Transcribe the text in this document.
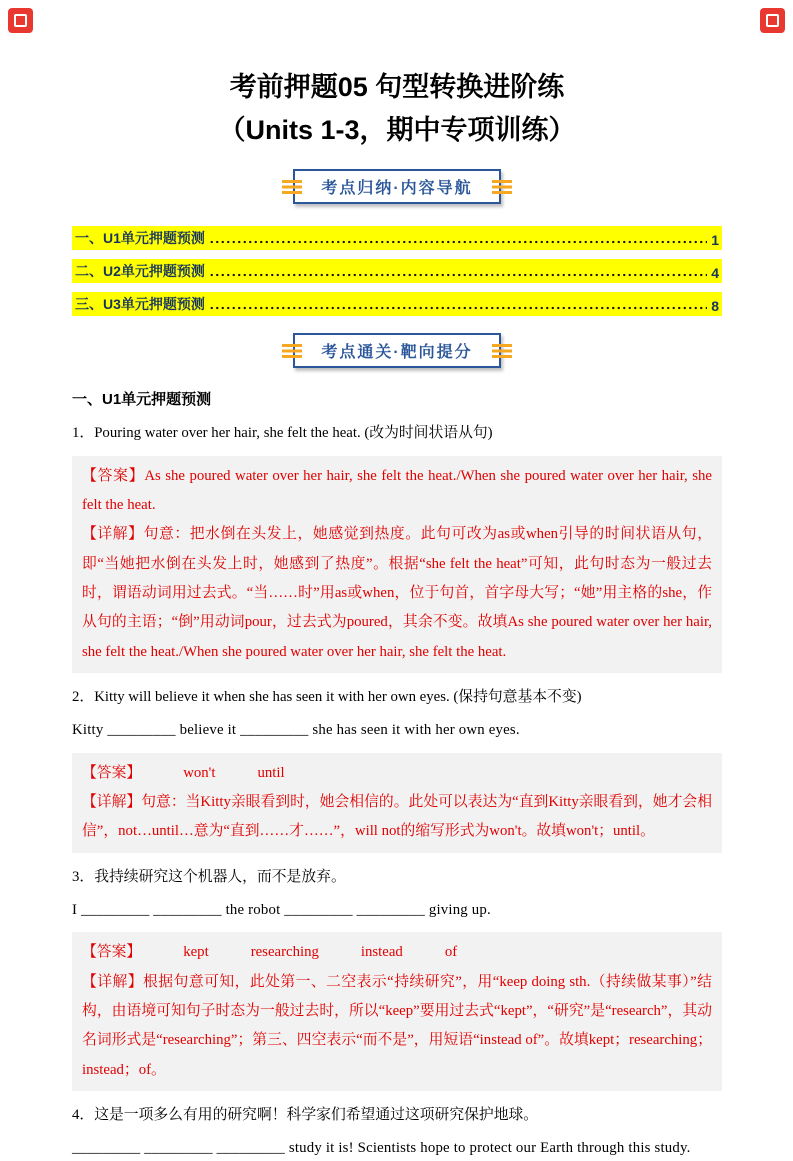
考前押题05 句型转换进阶练
（Units 1-3，期中专项训练）
考点归纳·内容导航
一、U1单元押题预测	1
二、U2单元押题预测	4
三、U3单元押题预测	8
考点通关·靶向提分
一、U1单元押题预测

1．Pouring water over her hair, she felt the heat. (改为时间状语从句)

【答案】As she poured water over her hair, she felt the heat./When she poured water over her hair, she felt the heat.

【详解】句意：把水倒在头发上，她感觉到热度。此句可改为as或when引导的时间状语从句，即“当她把水倒在头发上时，她感到了热度”。根据“she felt the heat”可知，此句时态为一般过去时，谓语动词用过去式。“当……时”用as或when，位于句首，首字母大写；“她”用主格的she，作从句的主语；“倒”用动词pour，过去式为poured，其余不变。故填As she poured water over her hair, she felt the heat./When she poured water over her hair, she felt the heat.

2．Kitty will believe it when she has seen it with her own eyes. (保持句意基本不变)

Kitty _________ believe it _________ she has seen it with her own eyes.

【答案】	won't	until

【详解】句意：当Kitty亲眼看到时，她会相信的。此处可以表达为“直到Kitty亲眼看到，她才会相信”，not…until…意为“直到……才……”，will not的缩写形式为won't。故填won't；until。

3．我持续研究这个机器人，而不是放弃。

I _________ _________ the robot _________ _________ giving up.

【答案】	kept	researching	instead	of

【详解】根据句意可知，此处第一、二空表示“持续研究”，用“keep doing sth.（持续做某事）”结构，由语境可知句子时态为一般过去时，所以“keep”要用过去式“kept”，“研究”是“research”，其动名词形式是“researching”；第三、四空表示“而不是”，用短语“instead of”。故填kept；researching；instead；of。

4．这是一项多么有用的研究啊！科学家们希望通过这项研究保护地球。

_________ _________ _________ study it is! Scientists hope to protect our Earth through this study.
